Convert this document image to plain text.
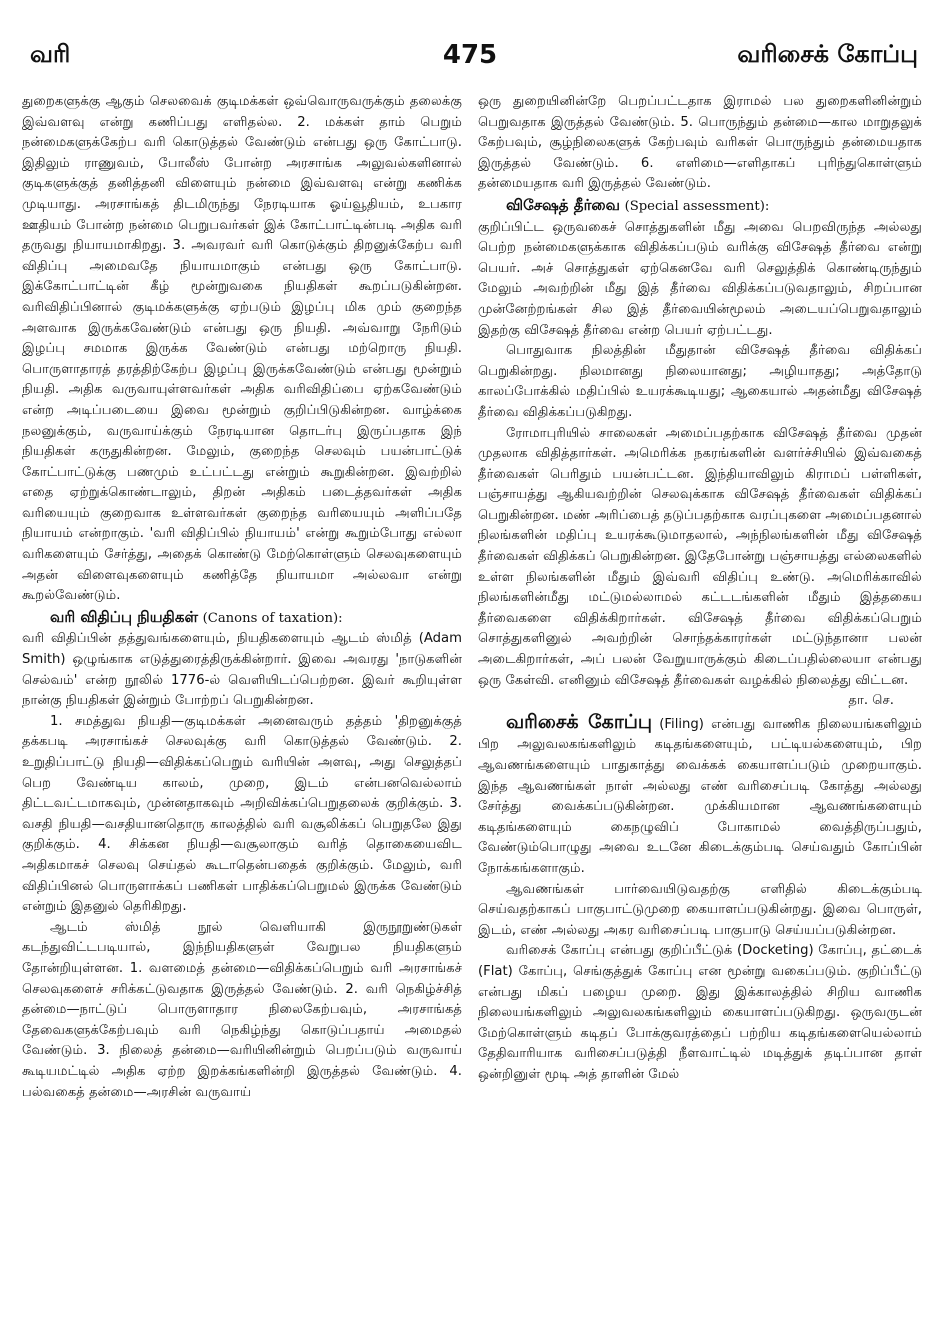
வரி	475	வரிசைக் கோப்பு

துறைகளுக்கு ஆகும் செலவைக் குடிமக்கள் ஒவ்வொருவருக்கும் தலைக்கு இவ்வளவு என்று கணிப்பது எளிதல்ல. 2. மக்கள் தாம் பெறும் நன்மைகளுக்கேற்ப வரி கொடுத்தல் வேண்டும் என்பது ஒரு கோட்பாடு. இதிலும் ராணுவம், போலீஸ் போன்ற அரசாங்க அலுவல்களினால் குடிகளுக்குத் தனித்தனி விளையும் நன்மை இவ்வளவு என்று கணிக்க முடியாது. அரசாங்கத் திடமிருந்து நேரடியாக ஓய்வூதியம், உபகார ஊதியம் போன்ற நன்மை பெறுபவர்கள் இக் கோட்பாட்டின்படி அதிக வரி தருவது நியாயமாகிறது. 3. அவரவர் வரி கொடுக்கும் திறனுக்கேற்ப வரி விதிப்பு அமைவதே நியாயமாகும் என்பது ஒரு கோட்பாடு. இக்கோட்பாட்டின் கீழ் மூன்றுவகை நியதிகள் கூறப்படுகின்றன. வரிவிதிப்பினால் குடிமக்களுக்கு ஏற்படும் இழப்பு மிக மும் குறைந்த அளவாக இருக்கவேண்டும் என்பது ஒரு நியதி. அவ்வாறு நேரிடும் இழப்பு சமமாக இருக்க வேண்டும் என்பது மற்றொரு நியதி. பொருளாதாரத் தரத்திற்கேற்ப இழப்பு இருக்கவேண்டும் என்பது மூன்றும் நியதி. அதிக வருவாயுள்ளவர்கள் அதிக வரிவிதிப்பை ஏற்கவேண்டும் என்ற அடிப்படையை இவை மூன்றும் குறிப்பிடுகின்றன. வாழ்க்கை நலனுக்கும், வருவாய்க்கும் நேரடியான தொடர்பு இருப்பதாக இந் நியதிகள் கருதுகின்றன. மேலும், குறைந்த செலவும் பயன்பாட்டுக் கோட்பாட்டுக்கு பணமும் உட்பட்டது என்றும் கூறுகின்றன. இவற்றில் எதை ஏற்றுக்கொண்டாலும், திறன் அதிகம் படைத்தவர்கள் அதிக வரியையும் குறைவாக உள்ளவர்கள் குறைந்த வரியையும் அளிப்பதே நியாயம் என்றாகும். 'வரி விதிப்பில் நியாயம்' என்று கூறும்போது எல்லா வரிகளையும் சேர்த்து, அதைக் கொண்டு மேற்கொள்ளும் செலவுகளையும் அதன் விளைவுகளையும் கணித்தே நியாயமா அல்லவா என்று கூறல்வேண்டும்.

வரி விதிப்பு நியதிகள் (Canons of taxation):

வரி விதிப்பின் தத்துவங்களையும், நியதிகளையும் ஆடம் ஸ்மித் (Adam Smith) ஒழுங்காக எடுத்துரைத்திருக்கின்றார். இவை அவரது 'நாடுகளின் செல்வம்' என்ற நூலில் 1776-ல் வெளியிடப்பெற்றன. இவர் கூறியுள்ள நான்கு நியதிகள் இன்றும் போற்றப் பெறுகின்றன.

1. சமத்துவ நியதி—குடிமக்கள் அனைவரும் தத்தம் 'திறனுக்குத் தக்கபடி அரசாங்கச் செலவுக்கு வரி கொடுத்தல் வேண்டும். 2. உறுதிப்பாட்டு நியதி—விதிக்கப்பெறும் வரியின் அளவு, அது செலுத்தப் பெற வேண்டிய காலம், முறை, இடம் என்பனவெல்லாம் திட்டவட்டமாகவும், முன்னதாகவும் அறிவிக்கப்பெறுதலைக் குறிக்கும். 3. வசதி நியதி—வசதியானதொரு காலத்தில் வரி வசூலிக்கப் பெறுதலே இது குறிக்கும். 4. சிக்கன நியதி—வசூலாகும் வரித் தொகையைவிட அதிகமாகச் செலவு செய்தல் கூடாதென்பதைக் குறிக்கும். மேலும், வரி விதிப்பினல் பொருளாக்கப் பணிகள் பாதிக்கப்பெறுமல் இருக்க வேண்டும் என்றும் இதனுல் தெரிகிறது.

ஆடம் ஸ்மித் நூல் வெளியாகி இருநூறுண்டுகள் கடந்துவிட்டபடியால், இந்நியதிகளுள் வேறுபல நியதிகளும் தோன்றியுள்ளன. 1. வளமைத் தன்மை—விதிக்கப்பெறும் வரி அரசாங்கச் செலவுகளைச் சரிக்கட்டுவதாக இருத்தல் வேண்டும். 2. வரி நெகிழ்ச்சித் தன்மை—நாட்டுப் பொருளாதார நிலைகேற்பவும், அரசாங்கத் தேவைகளுக்கேற்பவும் வரி நெகிழ்ந்து கொடுப்பதாய் அமைதல் வேண்டும். 3. நிலைத் தன்மை—வரியினின்றும் பெறப்படும் வருவாய் கூடியமட்டில் அதிக ஏற்ற இறக்கங்களின்றி இருத்தல் வேண்டும். 4. பல்வகைத் தன்மை—அரசின் வருவாய்

ஒரு துறையினின்றே பெறப்பட்டதாக இராமல் பல துறைகளினின்றும் பெறுவதாக இருத்தல் வேண்டும். 5. பொருந்தும் தன்மை—கால மாறுதலுக் கேற்பவும், சூழ்நிலைகளுக் கேற்பவும் வரிகள் பொருந்தும் தன்மையதாக இருத்தல் வேண்டும். 6. எளிமை—எளிதாகப் புரிந்துகொள்ளும் தன்மையதாக வரி இருத்தல் வேண்டும்.

விசேஷத் தீர்வை (Special assessment):

குறிப்பிட்ட ஒருவகைச் சொத்துகளின் மீது அவை பெறவிருந்த அல்லது பெற்ற நன்மைகளுக்காக விதிக்கப்படும் வரிக்கு விசேஷத் தீர்வை என்று பெயர். அச் சொத்துகள் ஏற்கெனவே வரி செலுத்திக் கொண்டிருந்தும் மேலும் அவற்றின் மீது இத் தீர்வை விதிக்கப்படுவதாலும், சிறப்பான முன்னேற்றங்கள் சில இத் தீர்வையின்மூலம் அடையப்பெறுவதாலும் இதற்கு விசேஷத் தீர்வை என்ற பெயர் ஏற்பட்டது.

பொதுவாக நிலத்தின் மீதுதான் விசேஷத் தீர்வை விதிக்கப் பெறுகின்றது. நிலமானது நிலையானது; அழியாதது; அத்தோடு காலப்போக்கில் மதிப்பில் உயரக்கூடியது; ஆகையால் அதன்மீது விசேஷத் தீர்வை விதிக்கப்படுகிறது.

ரோமாபுரியில் சாலைகள் அமைப்பதற்காக விசேஷத் தீர்வை முதன் முதலாக விதித்தார்கள். அமெரிக்க நகரங்களின் வளர்ச்சியில் இவ்வகைத் தீர்வைகள் பெரிதும் பயன்பட்டன. இந்தியாவிலும் கிராமப் பள்ளிகள், பஞ்சாயத்து ஆகியவற்றின் செலவுக்காக விசேஷத் தீர்வைகள் விதிக்கப் பெறுகின்றன. மண் அரிப்பைத் தடுப்பதற்காக வரப்புகளை அமைப்பதனால் நிலங்களின் மதிப்பு உயரக்கூடுமாதலால், அந்நிலங்களின் மீது விசேஷத் தீர்வைகள் விதிக்கப் பெறுகின்றன. இதேபோன்று பஞ்சாயத்து எல்லைகளில் உள்ள நிலங்களின் மீதும் இவ்வரி விதிப்பு உண்டு. அமெரிக்காவில் நிலங்களின்மீது மட்டுமல்லாமல் கட்டடங்களின் மீதும் இத்தகைய தீர்வைகளை விதிக்கிறார்கள். விசேஷத் தீர்வை விதிக்கப்பெறும் சொத்துகளினுல் அவற்றின் சொந்தக்காரர்கள் மட்டுந்தானா பலன் அடைகிறார்கள், அப் பலன் வேறுயாருக்கும் கிடைப்பதில்லையா என்பது ஒரு கேள்வி. எனினும் விசேஷத் தீர்வைகள் வழக்கில் நிலைத்து விட்டன.

தா. செ.

வரிசைக் கோப்பு (Filing) என்பது வாணிக நிலையங்களிலும் பிற அலுவலகங்களிலும் கடிதங்களையும், பட்டியல்களையும், பிற ஆவணங்களையும் பாதுகாத்து வைக்கக் கையாளப்படும் முறையாகும். இந்த ஆவணங்கள் நாள் அல்லது எண் வரிசைப்படி கோத்து அல்லது சேர்த்து வைக்கப்படுகின்றன. முக்கியமான ஆவணங்களையும் கடிதங்களையும் கைநழுவிப் போகாமல் வைத்திருப்பதும், வேண்டும்பொழுது அவை உடனே கிடைக்கும்படி செய்வதும் கோப்பின் நோக்கங்களாகும்.

ஆவணங்கள் பார்வையிடுவதற்கு எளிதில் கிடைக்கும்படி செய்வதற்காகப் பாகுபாட்டுமுறை கையாளப்படுகின்றது. இவை பொருள், இடம், எண் அல்லது அகர வரிசைப்படி பாகுபாடு செய்யப்படுகின்றன.

வரிசைக் கோப்பு என்பது குறிப்பீட்டுக் (Docketing) கோப்பு, தட்டைக் (Flat) கோப்பு, செங்குத்துக் கோப்பு என மூன்று வகைப்படும். குறிப்பீட்டு என்பது மிகப் பழைய முறை. இது இக்காலத்தில் சிறிய வாணிக நிலையங்களிலும் அலுவலகங்களிலும் கையாளப்படுகிறது. ஒருவருடன் மேற்கொள்ளும் கடிதப் போக்குவரத்தைப் பற்றிய கடிதங்களையெல்லாம் தேதிவாரியாக வரிசைப்படுத்தி நீளவாட்டில் மடித்துக் தடிப்பான தாள் ஒன்றினுள் மூடி அத் தாளின் மேல்
